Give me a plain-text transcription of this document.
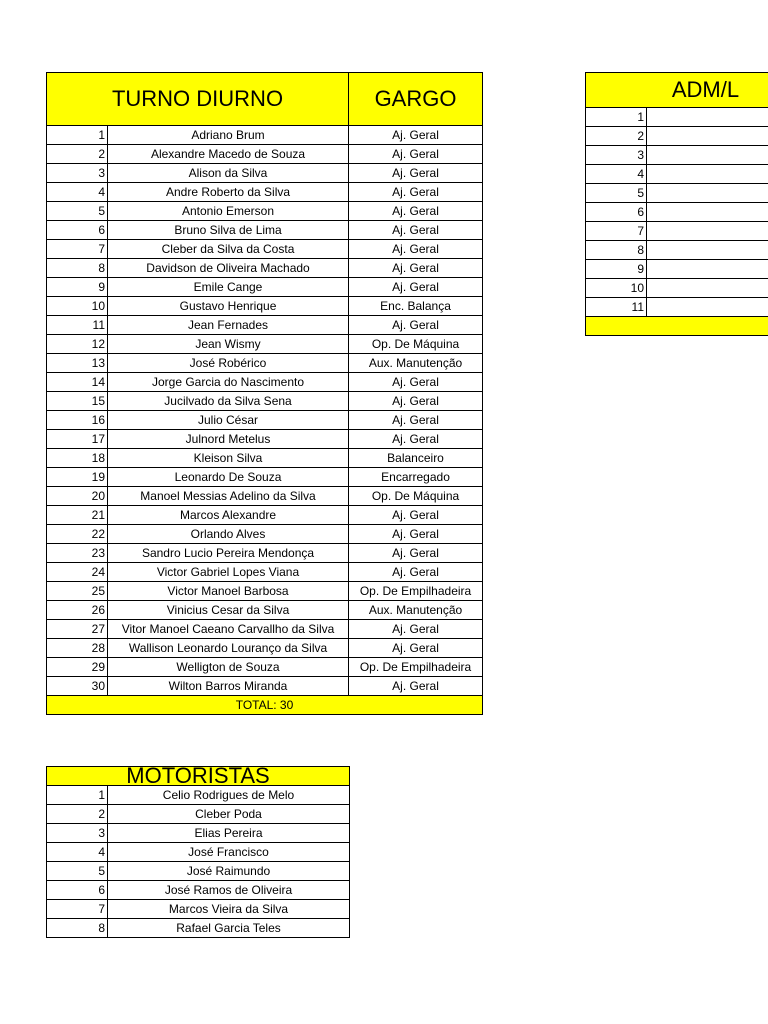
TURNO DIURNO		GARGO
1	Adriano Brum	Aj. Geral
2	Alexandre Macedo de Souza	Aj. Geral
3	Alison da Silva	Aj. Geral
4	Andre Roberto da Silva	Aj. Geral
5	Antonio Emerson	Aj. Geral
6	Bruno Silva de Lima	Aj. Geral
7	Cleber da Silva da Costa	Aj. Geral
8	Davidson de Oliveira Machado	Aj. Geral
9	Emile Cange	Aj. Geral
10	Gustavo Henrique	Enc. Balança
11	Jean Fernades	Aj. Geral
12	Jean Wismy	Op. De Máquina
13	José Robérico	Aux. Manutenção
14	Jorge Garcia do Nascimento	Aj. Geral
15	Jucilvado da Silva Sena	Aj. Geral
16	Julio César	Aj. Geral
17	Julnord Metelus	Aj. Geral
18	Kleison Silva	Balanceiro
19	Leonardo De Souza	Encarregado
20	Manoel Messias Adelino da Silva	Op. De Máquina
21	Marcos Alexandre	Aj. Geral
22	Orlando Alves	Aj. Geral
23	Sandro Lucio Pereira Mendonça	Aj. Geral
24	Victor Gabriel Lopes Viana	Aj. Geral
25	Victor Manoel Barbosa	Op. De Empilhadeira
26	Vinicius Cesar da Silva	Aux. Manutenção
27	Vitor Manoel Caeano Carvallho da Silva	Aj. Geral
28	Wallison Leonardo Louranço da Silva	Aj. Geral
29	Welligton de Souza	Op. De Empilhadeira
30	Wilton Barros Miranda	Aj. Geral
TOTAL: 30		
MOTORISTAS	
1	Celio Rodrigues de Melo
2	Cleber Poda
3	Elias Pereira
4	José Francisco
5	José Raimundo
6	José Ramos de Oliveira
7	Marcos Vieira da Silva
8	Rafael Garcia Teles
ADM/L	
1	
2	
3	
4	
5	
6	
7	
8	
9	
10	
11	
